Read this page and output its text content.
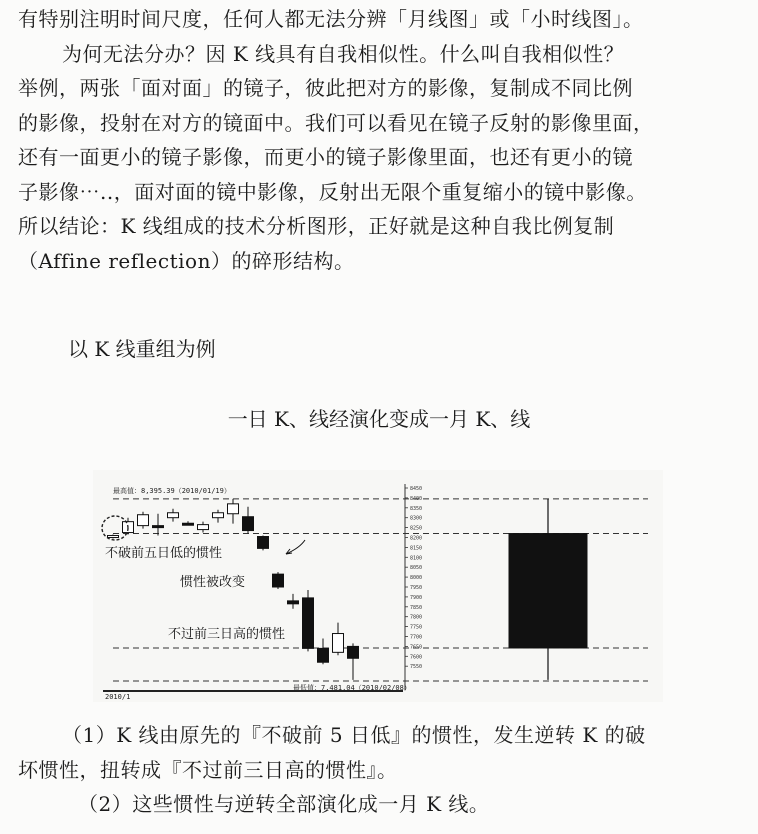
有特别注明时间尺度，任何人都无法分辨「月线图」或「小时线图」。
为何无法分办？因 K 线具有自我相似性。什么叫自我相似性？
举例，两张「面对面」的镜子，彼此把对方的影像，复制成不同比例
的影像，投射在对方的镜面中。我们可以看见在镜子反射的影像里面，
还有一面更小的镜子影像，而更小的镜子影像里面，也还有更小的镜
子影像⋯..，面对面的镜中影像，反射出无限个重复缩小的镜中影像。
所以结论：K 线组成的技术分析图形，正好就是这种自我比例复制
（Affine reflection）的碎形结构。

以 K 线重组为例

一日 K、线经演化变成一月 K、线

8450
8400
8350
8300
8250
8200
8150
8100
8050
8000
7950
7900
7850
7800
7750
7700
7650
7600
7550
最高值：8,395.39（2010/01/19）
最低值：7,481.04（2010/02/08）
2010/1
不破前五日低的惯性
惯性被改变
不过前三日高的惯性
（1）K 线由原先的『不破前 5 日低』的惯性，发生逆转 K 的破
坏惯性，扭转成『不过前三日高的惯性』。
（2）这些惯性与逆转全部演化成一月 K 线。
